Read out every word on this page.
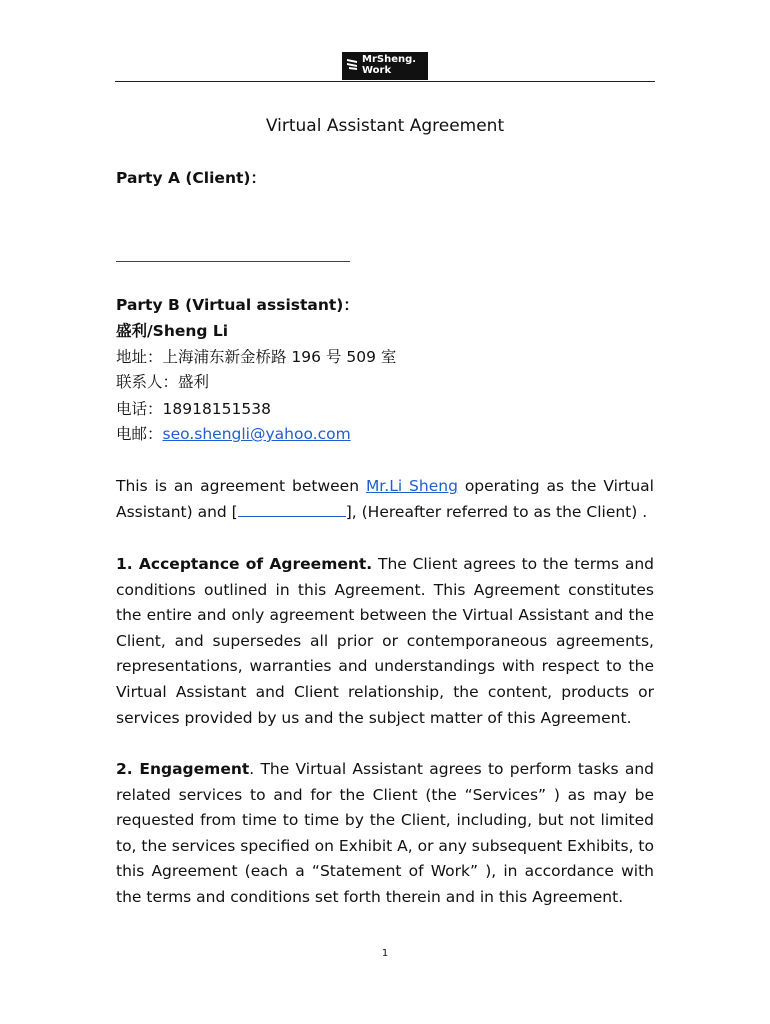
MrSheng.
Work
Virtual Assistant Agreement
Party A (Client)：
Party B (Virtual assistant)：
盛利/Sheng Li
地址：上海浦东新金桥路 196 号 509 室
联系人：盛利
电话：18918151538
电邮：seo.shengli@yahoo.com
This is an agreement between Mr.Li Sheng operating as the Virtual Assistant) and [	], (Hereafter referred to as the Client) .
1. Acceptance of Agreement. The Client agrees to the terms and conditions outlined in this Agreement. This Agreement constitutes the entire and only agreement between the Virtual Assistant and the Client, and supersedes all prior or contemporaneous agreements, representations, warranties and understandings with respect to the Virtual Assistant and Client relationship, the content, products or services provided by us and the subject matter of this Agreement.
2. Engagement. The Virtual Assistant agrees to perform tasks and related services to and for the Client (the “Services” ) as may be requested from time to time by the Client, including, but not limited to, the services specified on Exhibit A, or any subsequent Exhibits, to this Agreement (each a “Statement of Work” ), in accordance with the terms and conditions set forth therein and in this Agreement.
1
